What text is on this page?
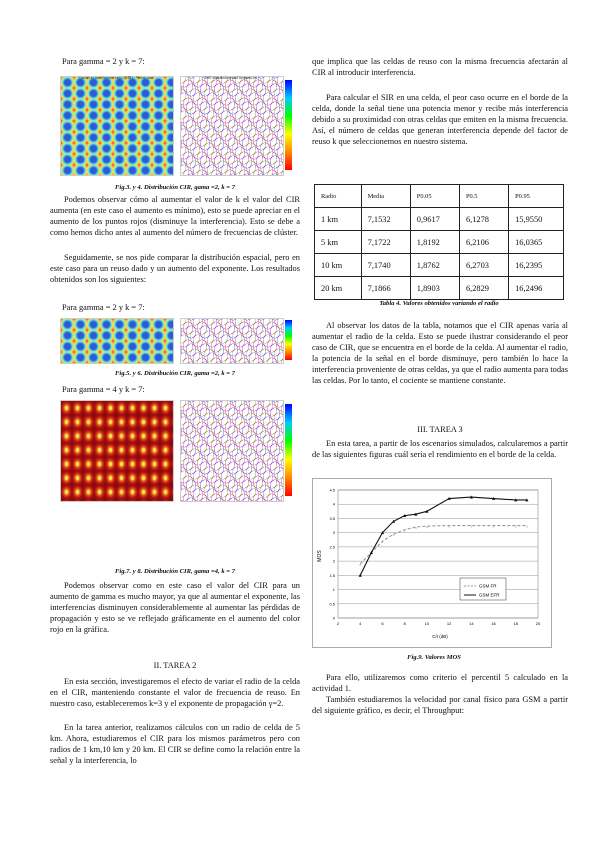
Para gamma = 2 y k = 7:

Carrier to interference ratio (CIR) - Worst case	Cell distribution and frequencies
Fig.3. y 4. Distribución CIR, gama =2, k = 7
Podemos observar cómo al aumentar el valor de k el valor del CIR aumenta (en este caso el aumento es mínimo), esto se puede apreciar en el aumento de los puntos rojos (disminuye la interferencia). Esto se debe a como hemos dicho antes al aumento del número de frecuencias de clúster.
Seguidamente, se nos pide comparar la distribución espacial, pero en este caso para un reuso dado y un aumento del exponente. Los resultados obtenidos son los siguientes:

Para gamma = 2 y k = 7:

Fig.5. y 6. Distribución CIR, gama =2, k = 7

Para gamma = 4 y k = 7:

Fig.7. y 8. Distribución CIR, gama =4, k = 7
Podemos observar como en este caso el valor del CIR para un aumento de gamma es mucho mayor, ya que al aumentar el exponente, las interferencias disminuyen considerablemente al aumentar las pérdidas de propagación y esto se ve reflejado gráficamente en el aumento del color rojo en la gráfica.
II. TAREA 2
En esta sección, investigaremos el efecto de variar el radio de la celda en el CIR, manteniendo constante el valor de frecuencia de reuso. En nuestro caso, estableceremos k=3 y el exponente de propagación γ=2.
En la tarea anterior, realizamos cálculos con un radio de celda de 5 km. Ahora, estudiaremos el CIR para los mismos parámetros pero con radios de 1 km,10 km y 20 km. El CIR se define como la relación entre la señal y la interferencia, lo
que implica que las celdas de reuso con la misma frecuencia afectarán al CIR al introducir interferencia.
Para calcular el SIR en una celda, el peor caso ocurre en el borde de la celda, donde la señal tiene una potencia menor y recibe más interferencia debido a su proximidad con otras celdas que emiten en la misma frecuencia. Así, el número de celdas que generan interferencia depende del factor de reuso k que seleccionemos en nuestro sistema.
Radio	Media	P0.05	P0.5	P0.95
1 km	7,1532	0,9617	6,1278	15,9550
5 km	7,1722	1,8192	6,2106	16,0365
10 km	7,1740	1,8762	6,2703	16,2395
20 km	7,1866	1,8903	6,2829	16,2496
Tabla 4. Valores obtenidos variando el radio
Al observar los datos de la tabla, notamos que el CIR apenas varía al aumentar el radio de la celda. Esto se puede ilustrar considerando el peor caso de CIR, que se encuentra en el borde de la celda. Al aumentar el radio, la potencia de la señal en el borde disminuye, pero también lo hace la interferencia proveniente de otras celdas, ya que el radio aumenta para todas las celdas. Por lo tanto, el cociente se mantiene constante.
III. TAREA 3
En esta tarea, a partir de los escenarios simulados, calcularemos a partir de las siguientes figuras cuál sería el rendimiento en el borde de la celda.
0
0.5
1
1.5
2
2.5
3
3.5
4
4.5
2	4	6	8	10	12	14	16	18	20
x
x
x
x
x x	x	x	x	x x
MOS
C/I (dB)
GSM FR
GSM EFR
Fig.9. Valores MOS
Para ello, utilizaremos como criterio el percentil 5 calculado en la actividad 1.
También estudiaremos la velocidad por canal físico para GSM a partir del siguiente gráfico, es decir, el Throughput:
